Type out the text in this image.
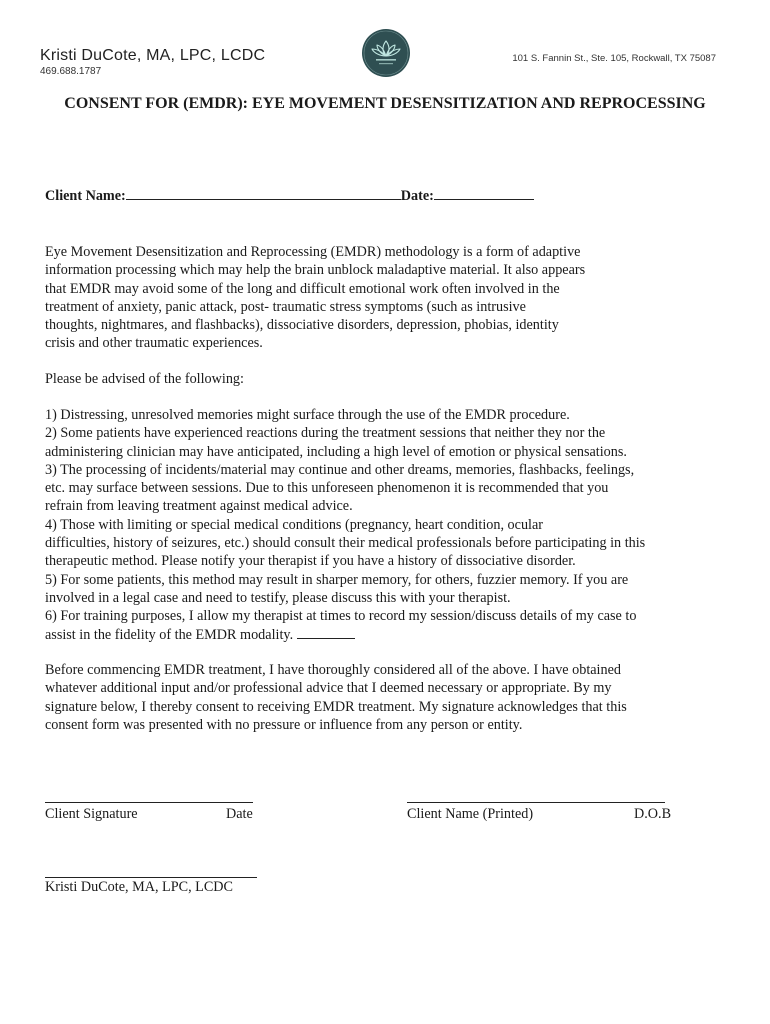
Kristi DuCote, MA, LPC, LCDC
469.688.1787
101 S. Fannin St., Ste. 105, Rockwall, TX 75087
CONSENT FOR (EMDR): EYE MOVEMENT DESENSITIZATION AND REPROCESSING
Client Name:	Date:
Eye Movement Desensitization and Reprocessing (EMDR) methodology is a form of adaptive
information processing which may help the brain unblock maladaptive material. It also appears
that EMDR may avoid some of the long and difficult emotional work often involved in the
treatment of anxiety, panic attack, post- traumatic stress symptoms (such as intrusive
thoughts, nightmares, and flashbacks), dissociative disorders, depression, phobias, identity
crisis and other traumatic experiences.
Please be advised of the following:
1) Distressing, unresolved memories might surface through the use of the EMDR procedure.
2) Some patients have experienced reactions during the treatment sessions that neither they nor the
administering clinician may have anticipated, including a high level of emotion or physical sensations.
3) The processing of incidents/material may continue and other dreams, memories, flashbacks, feelings,
etc. may surface between sessions. Due to this unforeseen phenomenon it is recommended that you
refrain from leaving treatment against medical advice.
4) Those with limiting or special medical conditions (pregnancy, heart condition, ocular
difficulties, history of seizures, etc.) should consult their medical professionals before participating in this
therapeutic method. Please notify your therapist if you have a history of dissociative disorder.
5) For some patients, this method may result in sharper memory, for others, fuzzier memory. If you are
involved in a legal case and need to testify, please discuss this with your therapist.
6) For training purposes, I allow my therapist at times to record my session/discuss details of my case to
assist in the fidelity of the EMDR modality.
Before commencing EMDR treatment, I have thoroughly considered all of the above. I have obtained
whatever additional input and/or professional advice that I deemed necessary or appropriate. By my
signature below, I thereby consent to receiving EMDR treatment. My signature acknowledges that this
consent form was presented with no pressure or influence from any person or entity.
Client Signature	Date	Client Name (Printed)	D.O.B
Kristi DuCote, MA, LPC, LCDC
